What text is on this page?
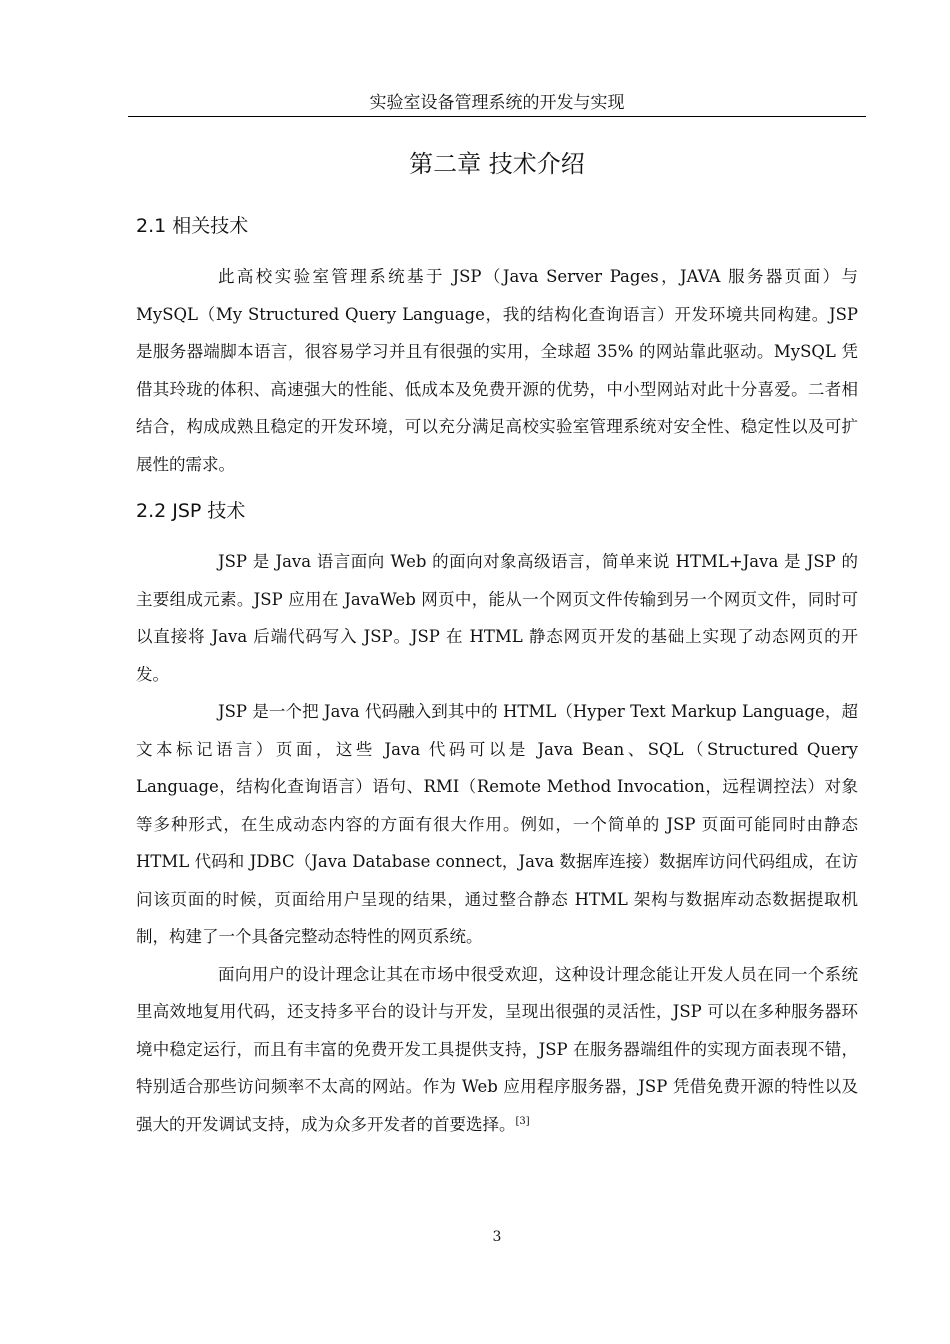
实验室设备管理系统的开发与实现
第二章 技术介绍
2.1 相关技术

此高校实验室管理系统基于 JSP（Java Server Pages，JAVA 服务器页面）与 MySQL（My Structured Query Language，我的结构化查询语言）开发环境共同构建。JSP 是服务器端脚本语言，很容易学习并且有很强的实用，全球超 35% 的网站靠此驱动。MySQL 凭借其玲珑的体积、高速强大的性能、低成本及免费开源的优势，中小型网站对此十分喜爱。二者相结合，构成成熟且稳定的开发环境，可以充分满足高校实验室管理系统对安全性、稳定性以及可扩展性的需求。

2.2 JSP 技术

JSP 是 Java 语言面向 Web 的面向对象高级语言，简单来说 HTML+Java 是 JSP 的主要组成元素。JSP 应用在 JavaWeb 网页中，能从一个网页文件传输到另一个网页文件，同时可以直接将 Java 后端代码写入 JSP。JSP 在 HTML 静态网页开发的基础上实现了动态网页的开发。

JSP 是一个把 Java 代码融入到其中的 HTML（Hyper Text Markup Language，超文本标记语言）页面，这些 Java 代码可以是 Java Bean、SQL（Structured Query Language，结构化查询语言）语句、RMI（Remote Method Invocation，远程调控法）对象等多种形式，在生成动态内容的方面有很大作用。例如，一个简单的 JSP 页面可能同时由静态 HTML 代码和 JDBC（Java Database connect，Java 数据库连接）数据库访问代码组成，在访问该页面的时候，页面给用户呈现的结果，通过整合静态 HTML 架构与数据库动态数据提取机制，构建了一个具备完整动态特性的网页系统。

面向用户的设计理念让其在市场中很受欢迎，这种设计理念能让开发人员在同一个系统里高效地复用代码，还支持多平台的设计与开发，呈现出很强的灵活性，JSP 可以在多种服务器环境中稳定运行，而且有丰富的免费开发工具提供支持，JSP 在服务器端组件的实现方面表现不错，特别适合那些访问频率不太高的网站。作为 Web 应用程序服务器，JSP 凭借免费开源的特性以及强大的开发调试支持，成为众多开发者的首要选择。[3]

3
